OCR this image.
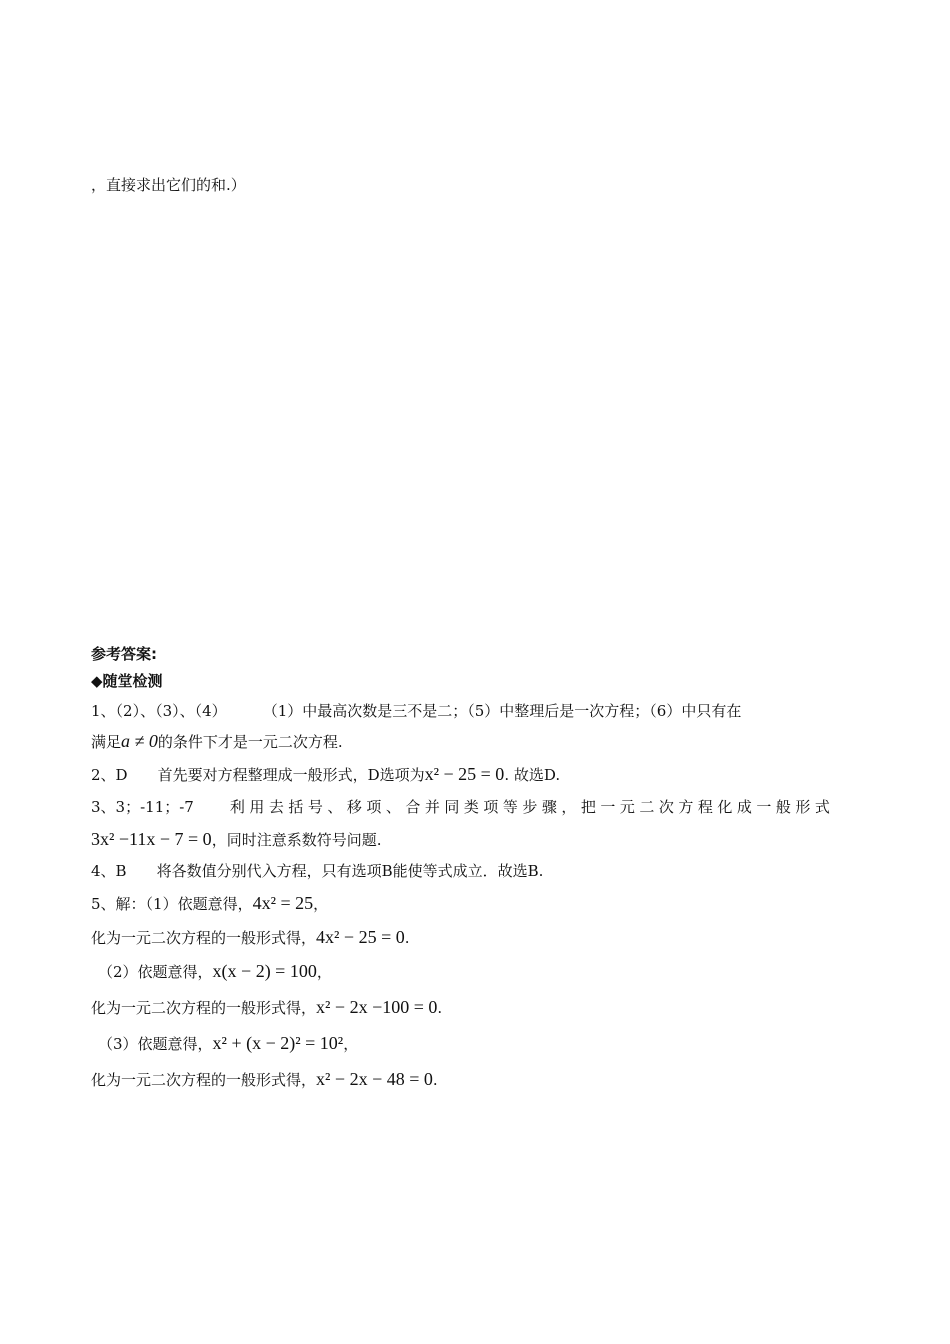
，直接求出它们的和.）
参考答案:
◆随堂检测
1、（2）、（3）、（4） （1）中最高次数是三不是二；（5）中整理后是一次方程；（6）中只有在
满足a ≠ 0的条件下才是一元二次方程.
2、D 首先要对方程整理成一般形式，D选项为x² − 25 = 0. 故选D.
3、3；-11；-7 利用去括号、移项、合并同类项等步骤，把一元二次方程化成一般形式
3x² −11x − 7 = 0，同时注意系数符号问题.
4、B 将各数值分别代入方程，只有选项B能使等式成立．故选B.
5、解：（1）依题意得，4x² = 25，
化为一元二次方程的一般形式得，4x² − 25 = 0.
（2）依题意得，x(x − 2) = 100，
化为一元二次方程的一般形式得，x² − 2x −100 = 0.
（3）依题意得，x² + (x − 2)² = 10²，
化为一元二次方程的一般形式得，x² − 2x − 48 = 0.
